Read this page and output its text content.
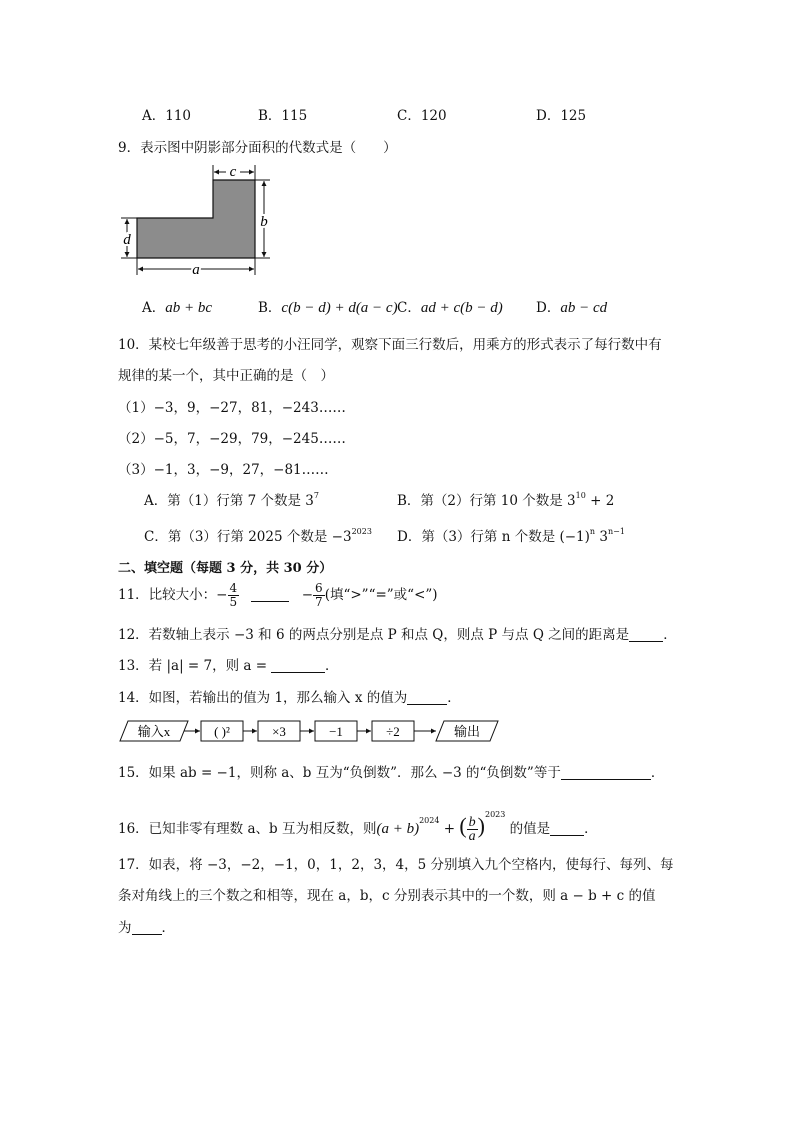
A．110	B．115	C．120	D．125
9．表示图中阴影部分面积的代数式是（　　）
c
b
d
a
A．ab + bc	B．c(b − d) + d(a − c) C．ad + c(b − d) D．ab − cd
10．某校七年级善于思考的小汪同学，观察下面三行数后，用乘方的形式表示了每行数中有
规律的某一个，其中正确的是（　）
（1）−3，9，−27，81，−243……
（2）−5，7，−29，79，−245……
（3）−1，3，−9，27，−81……
A．第（1）行第 7 个数是 $3^7$	B．第（2）行第 10 个数是 $3^{10} + 2$
C．第（3）行第 2025 个数是 $-3^{2023}$ D．第（3）行第 n 个数是 $(-1)^n$ $3^{n-1}$
二、填空题（每题 3 分，共 30 分）
11．比较大小：− $\frac{4}{5}$	− $\frac{6}{7}$ (填“>”“=”或“<”)
12．若数轴上表示 −3 和 6 的两点分别是点 P 和点 Q，则点 P 与点 Q 之间的距离是	．
13．若 |a| = 7，则 a =	．
14．如图，若输出的值为 1，那么输入 x 的值为	．
输入x	( )²	×3	−1	÷2	输出
15．如果 ab = −1，则称 a、b 互为“负倒数”．那么 −3 的“负倒数”等于	．
16．已知非零有理数 a、b 互为相反数，则$(a + b)^{2024}$ + ( $\frac{b}{a} )^{2023}$ 的值是	．
17．如表，将 −3，−2，−1，0，1，2，3，4，5 分别填入九个空格内，使每行、每列、每
条对角线上的三个数之和相等，现在 a，b，c 分别表示其中的一个数，则 a − b + c 的值
为 ．
